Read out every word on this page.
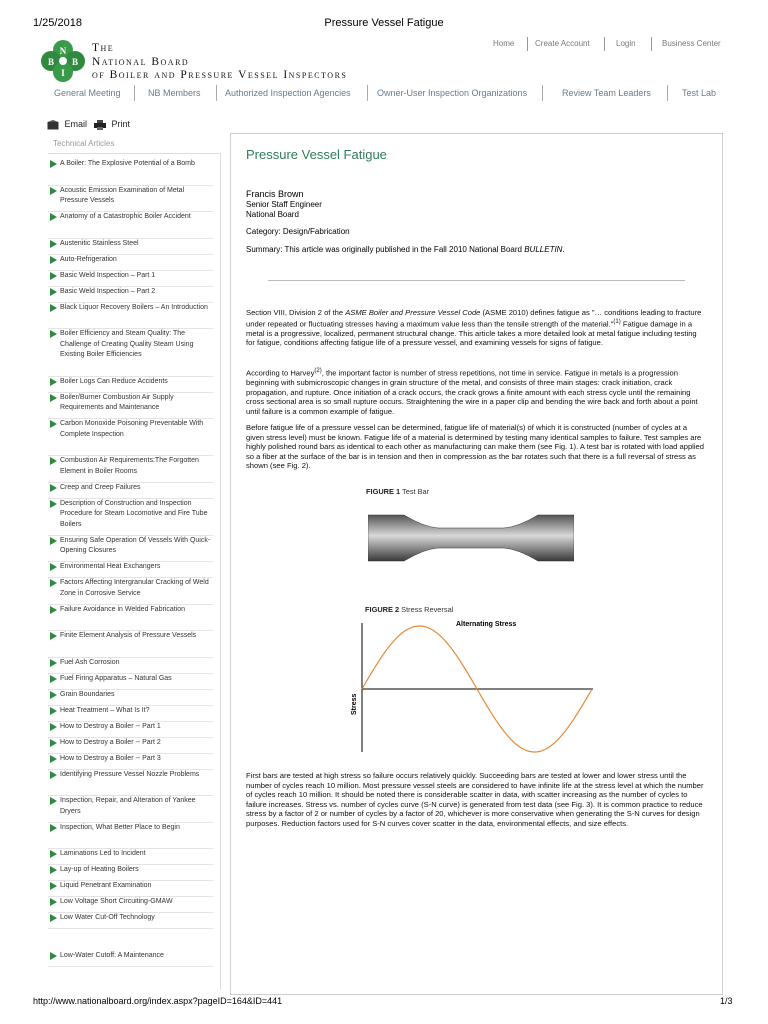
1/25/2018	Pressure Vessel Fatigue
N
B B
I
The
National Board
of Boiler and Pressure Vessel Inspectors
Home	Create Account	Login	Business Center
General Meeting	NB Members	Authorized Inspection Agencies	Owner-User Inspection Organizations	Review Team Leaders	Test Lab
Email	Print
Technical Articles
A Boiler: The Explosive Potential of a Bomb
Acoustic Emission Examination of Metal Pressure Vessels
Anatomy of a Catastrophic Boiler Accident
Austenitic Stainless Steel
Auto-Refrigeration
Basic Weld Inspection – Part 1
Basic Weld Inspection – Part 2
Black Liquor Recovery Boilers – An Introduction
Boiler Efficiency and Steam Quality: The Challenge of Creating Quality Steam Using Existing Boiler Efficiencies
Boiler Logs Can Reduce Accidents
Boiler/Burner Combustion Air Supply Requirements and Maintenance
Carbon Monoxide Poisoning Preventable With Complete Inspection
Combustion Air Requirements:The Forgotten Element in Boiler Rooms
Creep and Creep Failures
Description of Construction and Inspection Procedure for Steam Locomotive and Fire Tube Boilers
Ensuring Safe Operation Of Vessels With Quick-Opening Closures
Environmental Heat Exchangers
Factors Affecting Intergranular Cracking of Weld Zone in Corrosive Service
Failure Avoidance in Welded Fabrication
Finite Element Analysis of Pressure Vessels
Fuel Ash Corrosion
Fuel Firing Apparatus – Natural Gas
Grain Boundaries
Heat Treatment – What Is It?
How to Destroy a Boiler -- Part 1
How to Destroy a Boiler -- Part 2
How to Destroy a Boiler -- Part 3
Identifying Pressure Vessel Nozzle Problems
Inspection, Repair, and Alteration of Yankee Dryers
Inspection, What Better Place to Begin
Laminations Led to Incident
Lay-up of Heating Boilers
Liquid Penetrant Examination
Low Voltage Short Circuiting-GMAW
Low Water Cut-Off Technology
Low-Water Cutoff: A Maintenance
Pressure Vessel Fatigue
Francis Brown
Senior Staff Engineer
National Board
Category: Design/Fabrication
Summary: This article was originally published in the Fall 2010 National Board BULLETIN.
Section VIII, Division 2 of the ASME Boiler and Pressure Vessel Code (ASME 2010) defines fatigue as "… conditions leading to fracture under repeated or fluctuating stresses having a maximum value less than the tensile strength of the material."$^{(1)}$ Fatigue damage in a metal is a progressive, localized, permanent structural change. This article takes a more detailed look at metal fatigue including testing for fatigue, conditions affecting fatigue life of a pressure vessel, and examining vessels for signs of fatigue.
According to Harvey$^{(2)}$, the important factor is number of stress repetitions, not time in service. Fatigue in metals is a progression beginning with submicroscopic changes in grain structure of the metal, and consists of three main stages: crack initiation, crack propagation, and rupture. Once initiation of a crack occurs, the crack grows a finite amount with each stress cycle until the remaining cross sectional area is so small rupture occurs. Straightening the wire in a paper clip and bending the wire back and forth about a point until failure is a common example of fatigue.
Before fatigue life of a pressure vessel can be determined, fatigue life of material(s) of which it is constructed (number of cycles at a given stress level) must be known. Fatigue life of a material is determined by testing many identical samples to failure. Test samples are highly polished round bars as identical to each other as manufacturing can make them (see Fig. 1). A test bar is rotated with load applied so a fiber at the surface of the bar is in tension and then in compression as the bar rotates such that there is a full reversal of stress as shown (see Fig. 2).
FIGURE 1 Test Bar
FIGURE 2 Stress Reversal
Alternating Stress
Stress
First bars are tested at high stress so failure occurs relatively quickly. Succeeding bars are tested at lower and lower stress until the number of cycles reach 10 million. Most pressure vessel steels are considered to have infinite life at the stress level at which the number of cycles reach 10 million. It should be noted there is considerable scatter in data, with scatter increasing as the number of cycles to failure increases. Stress vs. number of cycles curve (S-N curve) is generated from test data (see Fig. 3). It is common practice to reduce stress by a factor of 2 or number of cycles by a factor of 20, whichever is more conservative when generating the S-N curves for design purposes. Reduction factors used for S-N curves cover scatter in the data, environmental effects, and size effects.
http://www.nationalboard.org/index.aspx?pageID=164&ID=441	1/3
